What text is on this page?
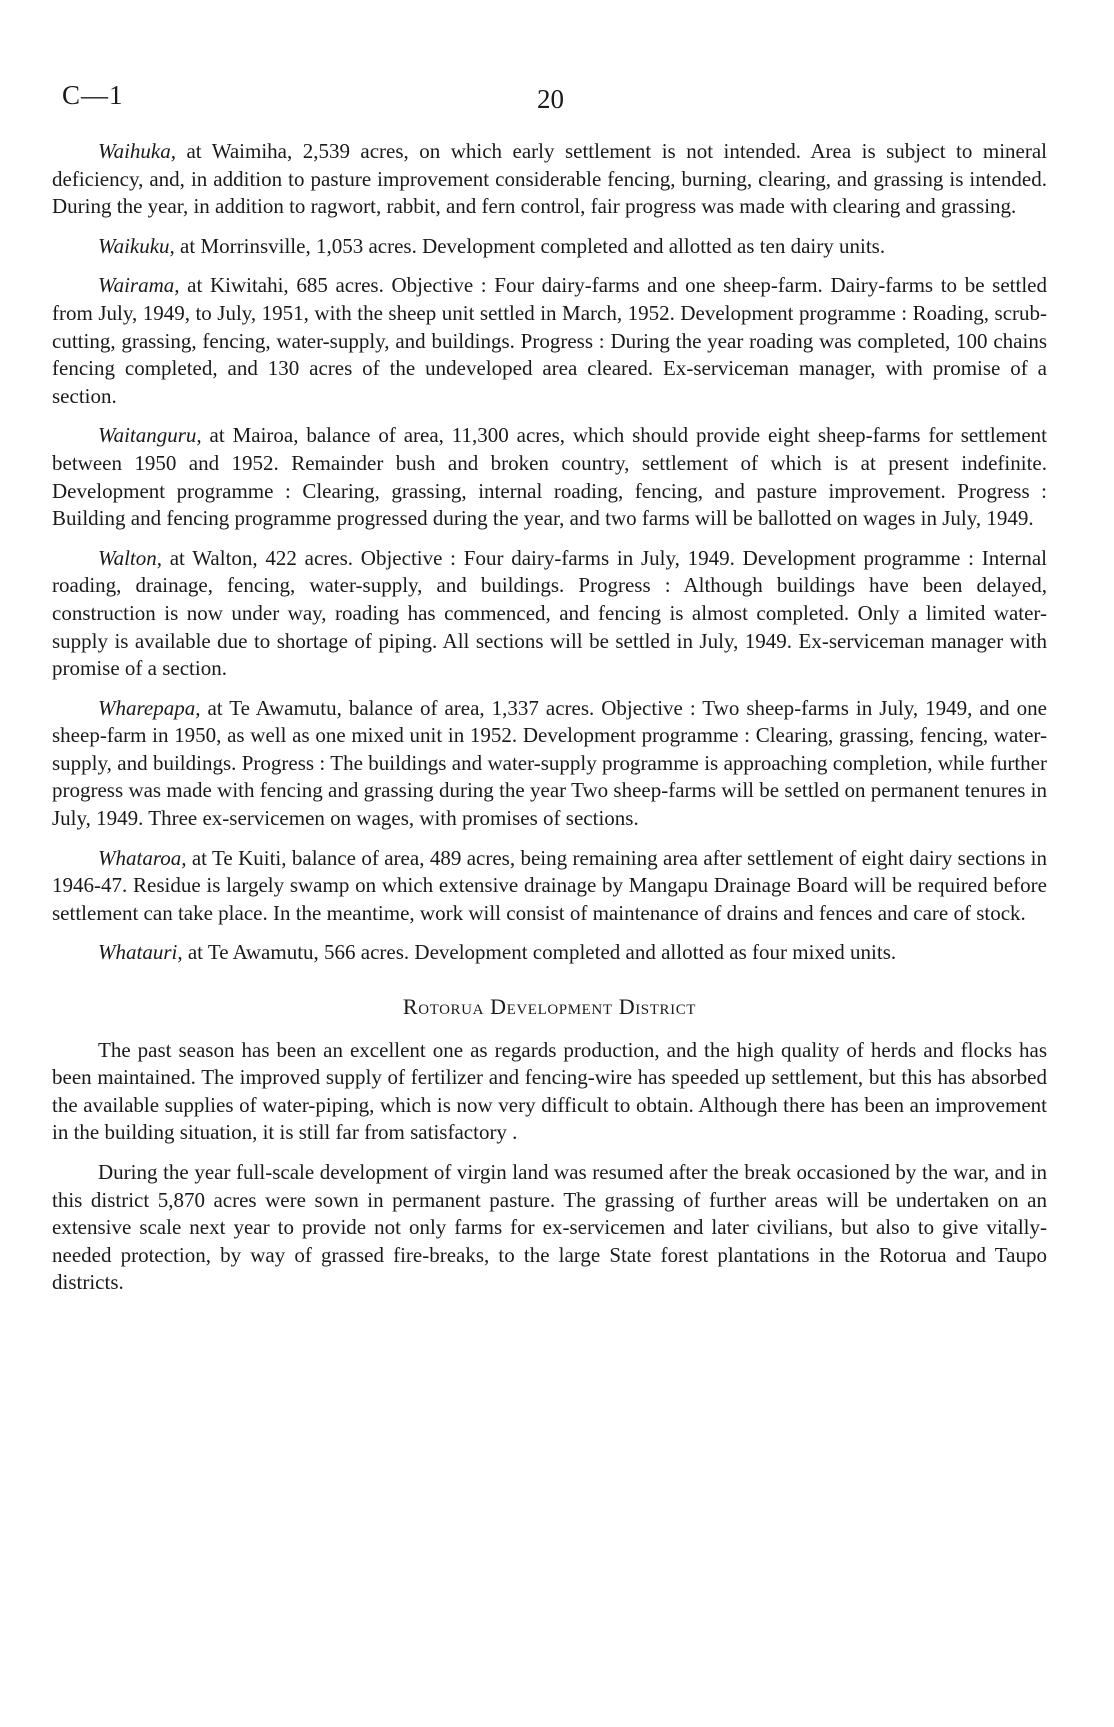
C—1	20

Waihuka, at Waimiha, 2,539 acres, on which early settlement is not intended. Area is subject to mineral deficiency, and, in addition to pasture improvement considerable fencing, burning, clearing, and grassing is intended. During the year, in addition to ragwort, rabbit, and fern control, fair progress was made with clearing and grassing.

Waikuku, at Morrinsville, 1,053 acres. Development completed and allotted as ten dairy units.

Wairama, at Kiwitahi, 685 acres. Objective : Four dairy-farms and one sheep-farm. Dairy-farms to be settled from July, 1949, to July, 1951, with the sheep unit settled in March, 1952. Development programme : Roading, scrub-cutting, grassing, fencing, water-supply, and buildings. Progress : During the year roading was completed, 100 chains fencing completed, and 130 acres of the undeveloped area cleared. Ex-serviceman manager, with promise of a section.

Waitanguru, at Mairoa, balance of area, 11,300 acres, which should provide eight sheep-farms for settlement between 1950 and 1952. Remainder bush and broken country, settlement of which is at present indefinite. Development programme : Clearing, grassing, internal roading, fencing, and pasture improvement. Progress : Building and fencing programme progressed during the year, and two farms will be ballotted on wages in July, 1949.

Walton, at Walton, 422 acres. Objective : Four dairy-farms in July, 1949. Development programme : Internal roading, drainage, fencing, water-supply, and buildings. Progress : Although buildings have been delayed, construction is now under way, roading has commenced, and fencing is almost completed. Only a limited water-supply is available due to shortage of piping. All sections will be settled in July, 1949. Ex-serviceman manager with promise of a section.

Wharepapa, at Te Awamutu, balance of area, 1,337 acres. Objective : Two sheep-farms in July, 1949, and one sheep-farm in 1950, as well as one mixed unit in 1952. Development programme : Clearing, grassing, fencing, water-supply, and buildings. Progress : The buildings and water-supply programme is approaching completion, while further progress was made with fencing and grassing during the year Two sheep-farms will be settled on permanent tenures in July, 1949. Three ex-servicemen on wages, with promises of sections.

Whataroa, at Te Kuiti, balance of area, 489 acres, being remaining area after settlement of eight dairy sections in 1946-47. Residue is largely swamp on which extensive drainage by Mangapu Drainage Board will be required before settlement can take place. In the meantime, work will consist of maintenance of drains and fences and care of stock.

Whatauri, at Te Awamutu, 566 acres. Development completed and allotted as four mixed units.

Rotorua Development District

The past season has been an excellent one as regards production, and the high quality of herds and flocks has been maintained. The improved supply of fertilizer and fencing-wire has speeded up settlement, but this has absorbed the available supplies of water-piping, which is now very difficult to obtain. Although there has been an improvement in the building situation, it is still far from satisfactory .

During the year full-scale development of virgin land was resumed after the break occasioned by the war, and in this district 5,870 acres were sown in permanent pasture. The grassing of further areas will be undertaken on an extensive scale next year to provide not only farms for ex-servicemen and later civilians, but also to give vitally-needed protection, by way of grassed fire-breaks, to the large State forest plantations in the Rotorua and Taupo districts.
